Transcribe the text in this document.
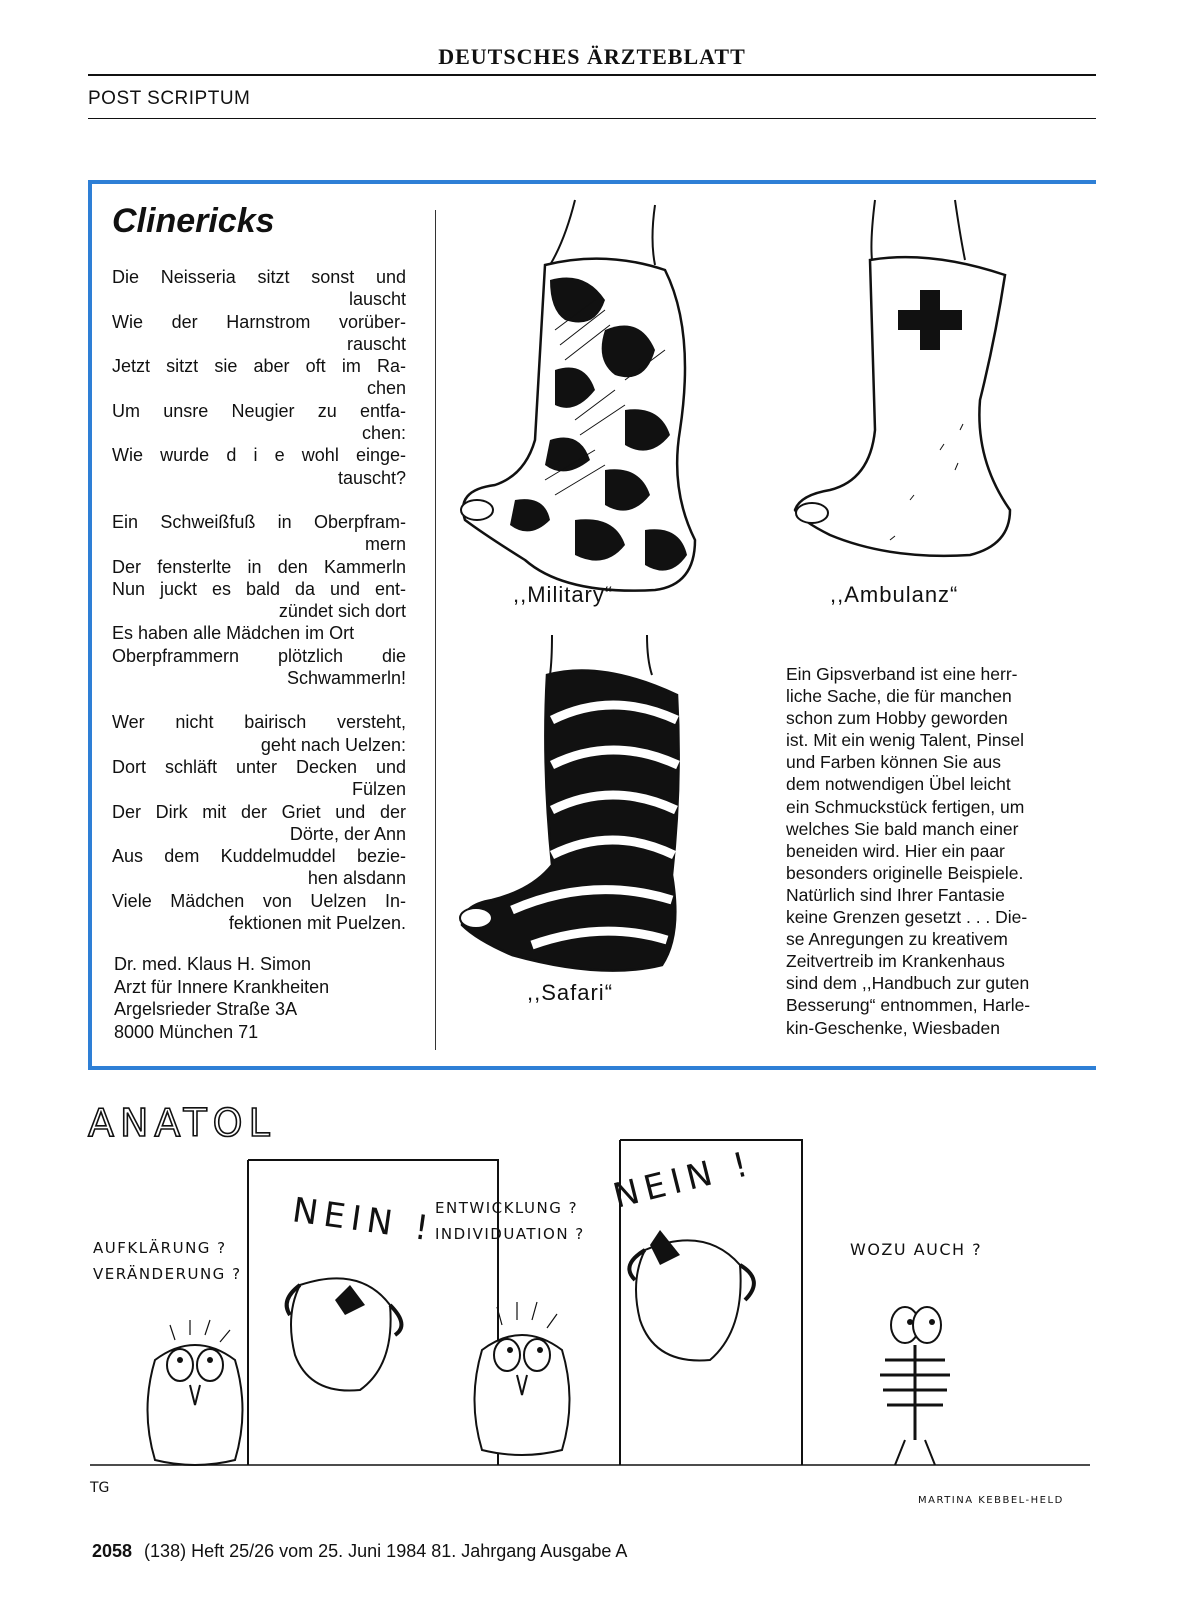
DEUTSCHES ÄRZTEBLATT
POST SCRIPTUM
Clinericks
Die Neisseria sitzt sonst und
lauscht
Wie der Harnstrom vorüber-
rauscht
Jetzt sitzt sie aber oft im Ra-
chen
Um unsre Neugier zu entfa-
chen:
Wie wurde d i e wohl einge-
tauscht?
Ein Schweißfuß in Oberpfram-
mern
Der fensterlte in den Kammerln
Nun juckt es bald da und ent-
zündet sich dort
Es haben alle Mädchen im Ort
Oberpframmern plötzlich die
Schwammerln!
Wer nicht bairisch versteht,
geht nach Uelzen:
Dort schläft unter Decken und
Fülzen
Der Dirk mit der Griet und der
Dörte, der Ann
Aus dem Kuddelmuddel bezie-
hen alsdann
Viele Mädchen von Uelzen In-
fektionen mit Puelzen.
Dr. med. Klaus H. Simon
Arzt für Innere Krankheiten
Argelsrieder Straße 3A
8000 München 71
,,Military“	,,Ambulanz“
,,Safari“
Ein Gipsverband ist eine herr-
liche Sache, die für manchen
schon zum Hobby geworden
ist. Mit ein wenig Talent, Pinsel
und Farben können Sie aus
dem notwendigen Übel leicht
ein Schmuckstück fertigen, um
welches Sie bald manch einer
beneiden wird. Hier ein paar
besonders originelle Beispiele.
Natürlich sind Ihrer Fantasie
keine Grenzen gesetzt . . . Die-
se Anregungen zu kreativem
Zeitvertreib im Krankenhaus
sind dem ,,Handbuch zur guten
Besserung“ entnommen, Harle-
kin-Geschenke, Wiesbaden
ANATOL
AUFKLÄRUNG ?
VERÄNDERUNG ?
NEIN !
ENTWICKLUNG ?
INDIVIDUATION ?
NEIN !
WOZU AUCH ?
TG
MARTINA KEBBEL-HELD
2058 (138) Heft 25/26 vom 25. Juni 1984 81. Jahrgang Ausgabe A
